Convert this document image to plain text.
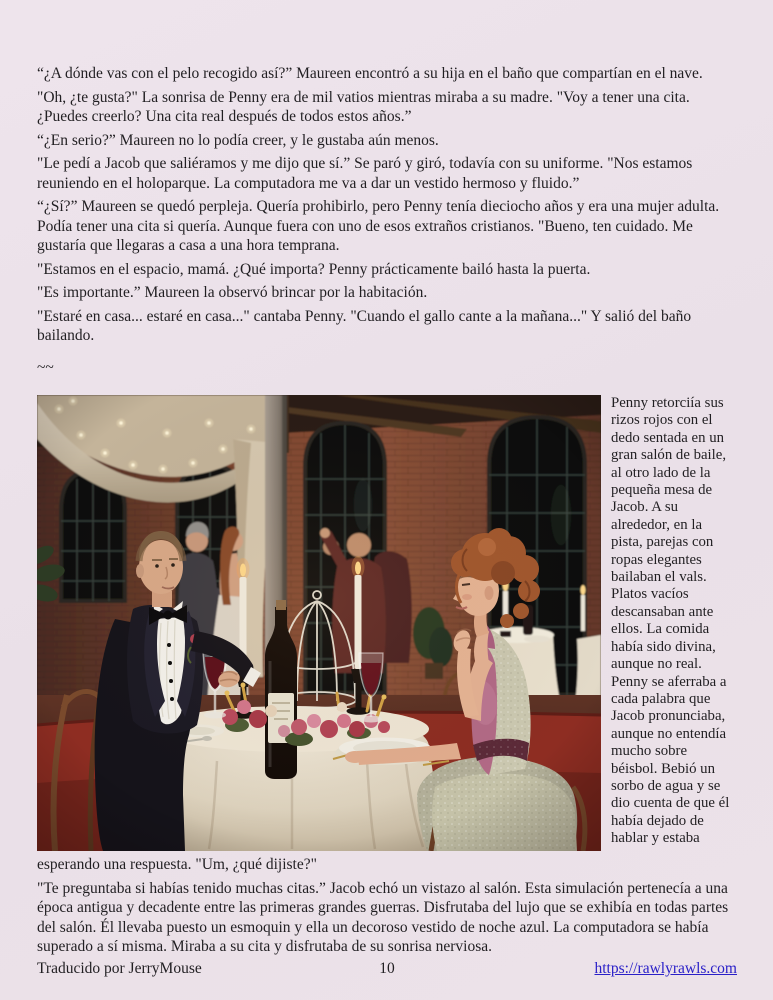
“¿A dónde vas con el pelo recogido así?” Maureen encontró a su hija en el baño que compartían en el nave.

"Oh, ¿te gusta?" La sonrisa de Penny era de mil vatios mientras miraba a su madre. "Voy a tener una cita. ¿Puedes creerlo? Una cita real después de todos estos años.”

“¿En serio?” Maureen no lo podía creer, y le gustaba aún menos.

"Le pedí a Jacob que saliéramos y me dijo que sí.” Se paró y giró, todavía con su uniforme. "Nos estamos reuniendo en el holoparque. La computadora me va a dar un vestido hermoso y fluido.”

“¿Sí?” Maureen se quedó perpleja. Quería prohibirlo, pero Penny tenía dieciocho años y era una mujer adulta. Podía tener una cita si quería. Aunque fuera con uno de esos extraños cristianos. "Bueno, ten cuidado. Me gustaría que llegaras a casa a una hora temprana.

"Estamos en el espacio, mamá. ¿Qué importa? Penny prácticamente bailó hasta la puerta.

"Es importante.” Maureen la observó brincar por la habitación.

"Estaré en casa... estaré en casa..." cantaba Penny. "Cuando el gallo cante a la mañana..." Y salió del baño bailando.

~~

Penny retorciía sus rizos rojos con el dedo sentada en un gran salón de baile, al otro lado de la pequeña mesa de Jacob. A su alrededor, en la pista, parejas con ropas elegantes bailaban el vals. Platos vacíos descansaban ante ellos. La comida había sido divina, aunque no real. Penny se aferraba a cada palabra que Jacob pronunciaba, aunque no entendía mucho sobre béisbol. Bebió un sorbo de agua y se dio cuenta de que él había dejado de hablar y estaba

esperando una respuesta. "Um, ¿qué dijiste?"

"Te preguntaba si habías tenido muchas citas.” Jacob echó un vistazo al salón. Esta simulación pertenecía a una época antigua y decadente entre las primeras grandes guerras. Disfrutaba del lujo que se exhibía en todas partes del salón. Él llevaba puesto un esmoquin y ella un decoroso vestido de noche azul. La computadora se había superado a sí misma. Miraba a su cita y disfrutaba de su sonrisa nerviosa.

Traducido por JerryMouse	10	https://rawlyrawls.com
